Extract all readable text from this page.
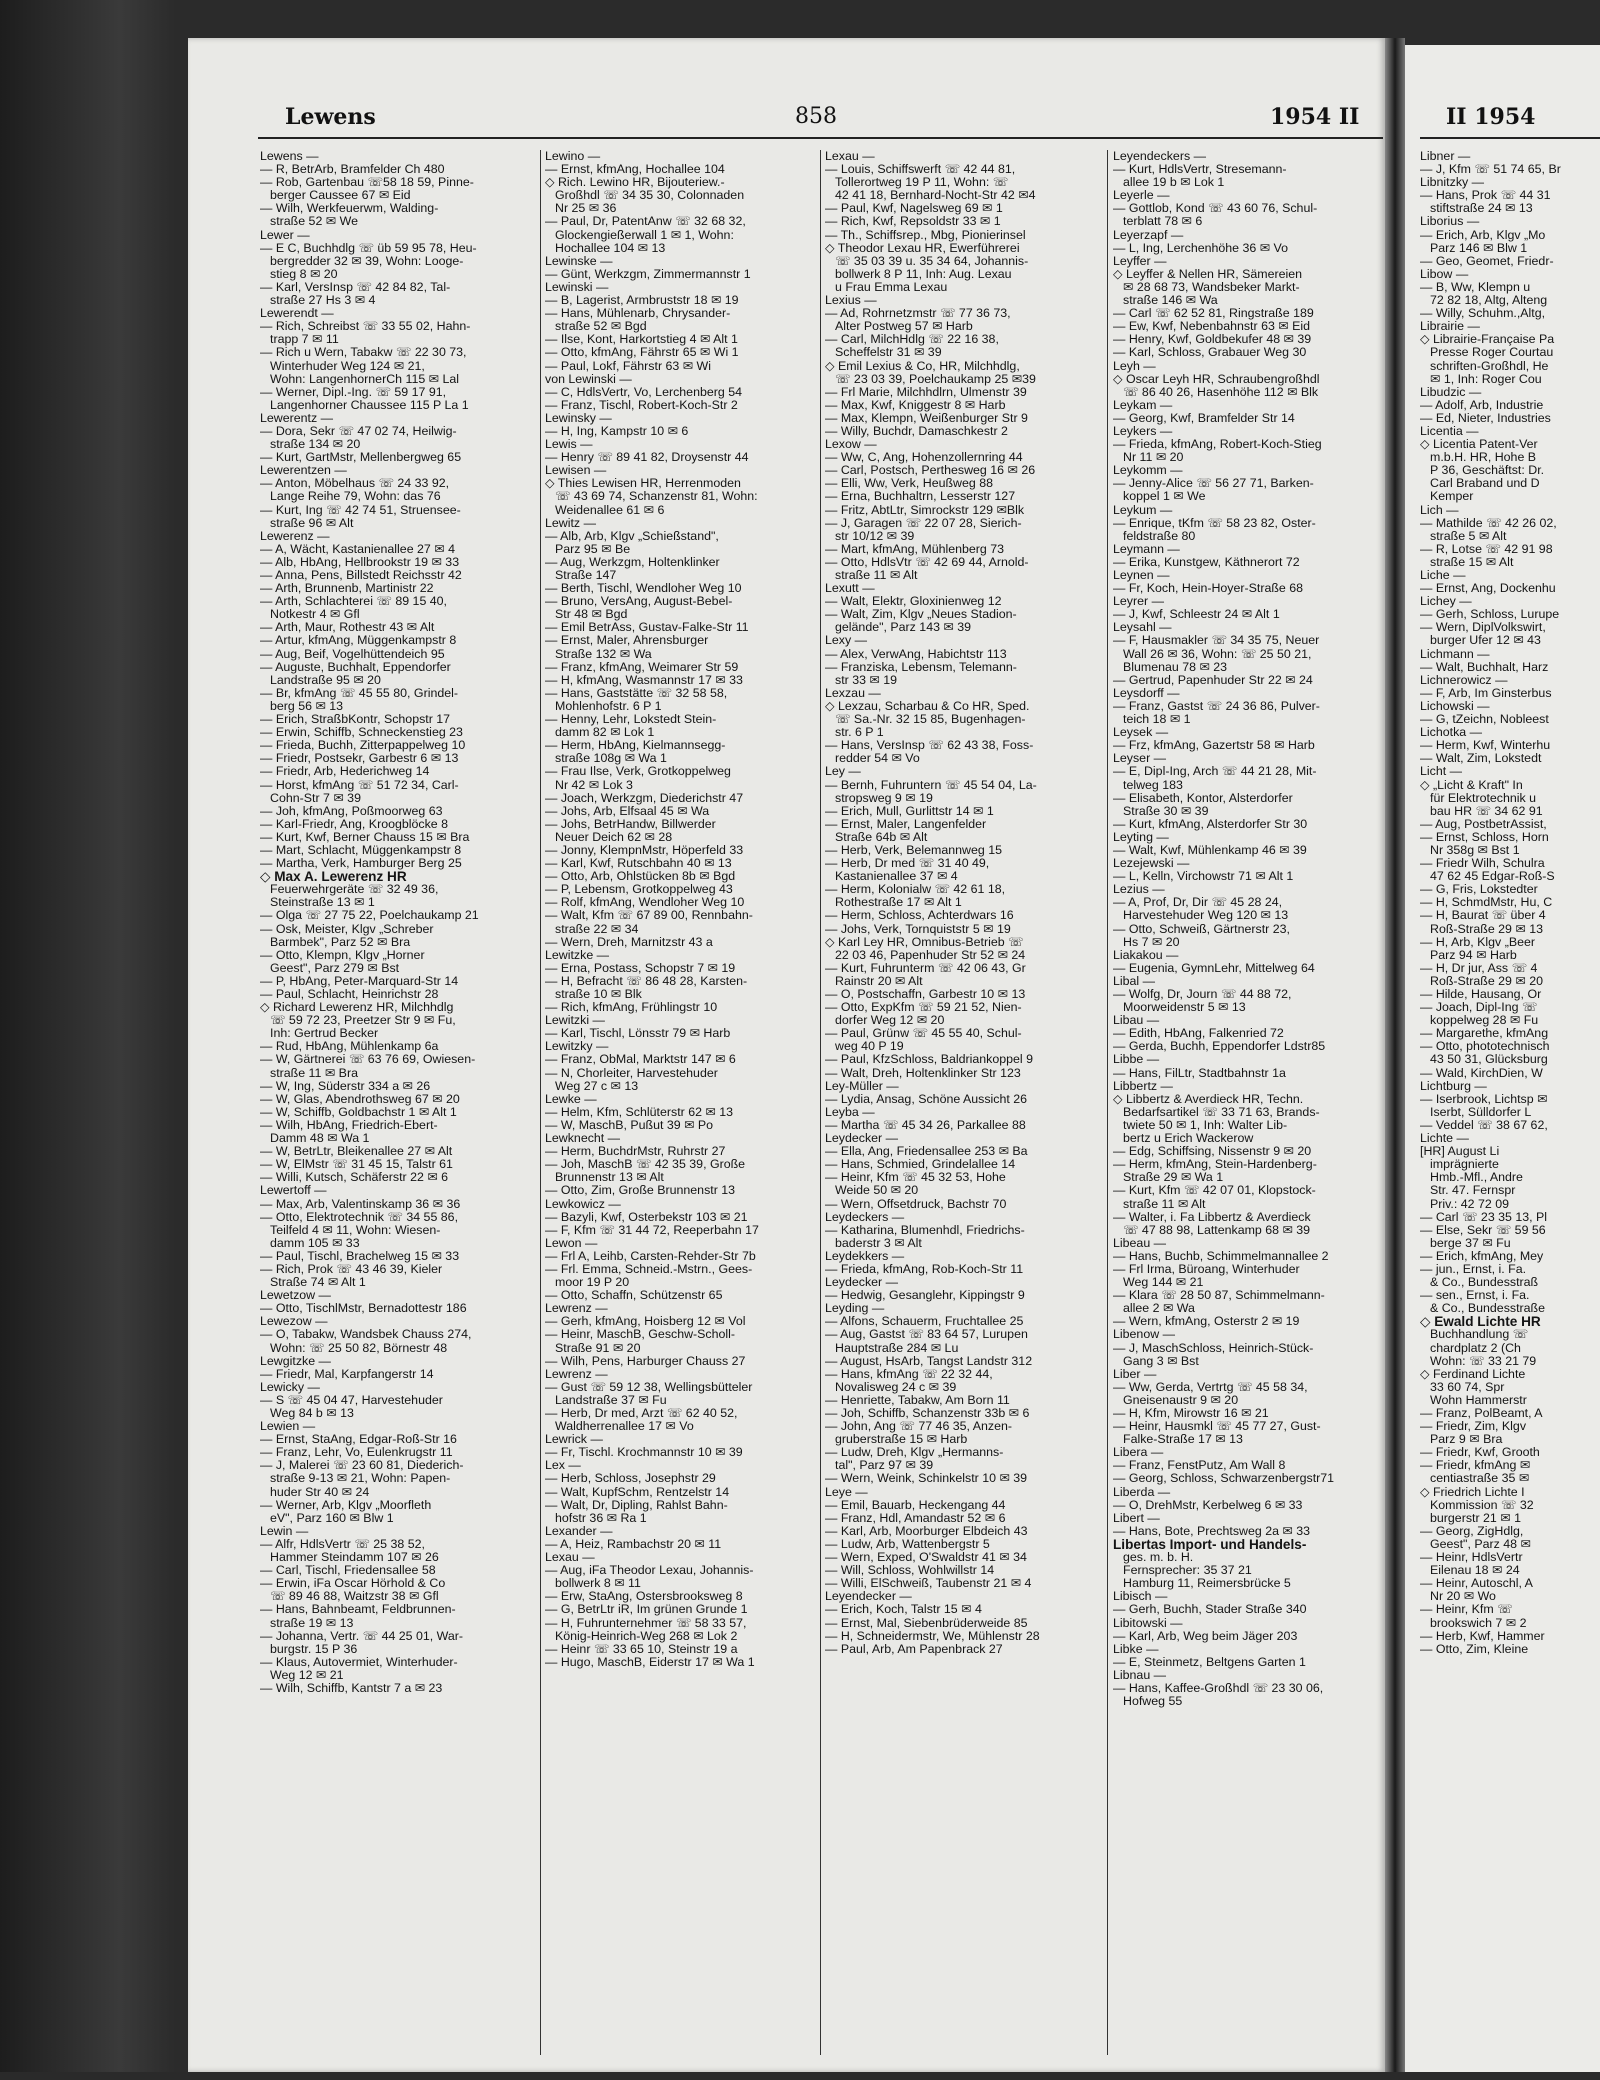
Lewens	858	1954 II	II 1954
Lewens —
— R, BetrArb, Bramfelder Ch 480
— Rob, Gartenbau ☏58 18 59, Pinne-
berger Caussee 67 ✉ Eid
— Wilh, Werkfeuerwm, Walding-
straße 52 ✉ We
Lewer —
— E C, Buchhdlg ☏ üb 59 95 78, Heu-
bergredder 32 ✉ 39, Wohn: Looge-
stieg 8 ✉ 20
— Karl, VersInsp ☏ 42 84 82, Tal-
straße 27 Hs 3 ✉ 4
Lewerendt —
— Rich, Schreibst ☏ 33 55 02, Hahn-
trapp 7 ✉ 11
— Rich u Wern, Tabakw ☏ 22 30 73,
Winterhuder Weg 124 ✉ 21,
Wohn: LangenhornerCh 115 ✉ Lal
— Werner, Dipl.-Ing. ☏ 59 17 91,
Langenhorner Chaussee 115 P La 1
Lewerentz —
— Dora, Sekr ☏ 47 02 74, Heilwig-
straße 134 ✉ 20
— Kurt, GartMstr, Mellenbergweg 65
Lewerentzen —
— Anton, Möbelhaus ☏ 24 33 92,
Lange Reihe 79, Wohn: das 76
— Kurt, Ing ☏ 42 74 51, Struensee-
straße 96 ✉ Alt
Lewerenz —
— A, Wächt, Kastanienallee 27 ✉ 4
— Alb, HbAng, Hellbrookstr 19 ✉ 33
— Anna, Pens, Billstedt Reichsstr 42
— Arth, Brunnenb, Martinistr 22
— Arth, Schlachterei ☏ 89 15 40,
Notkestr 4 ✉ Gfl
— Arth, Maur, Rothestr 43 ✉ Alt
— Artur, kfmAng, Müggenkampstr 8
— Aug, Beif, Vogelhüttendeich 95
— Auguste, Buchhalt, Eppendorfer
Landstraße 95 ✉ 20
— Br, kfmAng ☏ 45 55 80, Grindel-
berg 56 ✉ 13
— Erich, StraßbKontr, Schopstr 17
— Erwin, Schiffb, Schneckenstieg 23
— Frieda, Buchh, Zitterpappelweg 10
— Friedr, Postsekr, Garbestr 6 ✉ 13
— Friedr, Arb, Hederichweg 14
— Horst, kfmAng ☏ 51 72 34, Carl-
Cohn-Str 7 ✉ 39
— Joh, kfmAng, Poßmoorweg 63
— Karl-Friedr, Ang, Kroogblöcke 8
— Kurt, Kwf, Berner Chauss 15 ✉ Bra
— Mart, Schlacht, Müggenkampstr 8
— Martha, Verk, Hamburger Berg 25
◇ Max A. Lewerenz HR
Feuerwehrgeräte ☏ 32 49 36,
Steinstraße 13 ✉ 1
— Olga ☏ 27 75 22, Poelchaukamp 21
— Osk, Meister, Klgv „Schreber
Barmbek", Parz 52 ✉ Bra
— Otto, Klempn, Klgv „Horner
Geest", Parz 279 ✉ Bst
— P, HbAng, Peter-Marquard-Str 14
— Paul, Schlacht, Heinrichstr 28
◇ Richard Lewerenz HR, Milchhdlg
☏ 59 72 23, Preetzer Str 9 ✉ Fu,
Inh: Gertrud Becker
— Rud, HbAng, Mühlenkamp 6a
— W, Gärtnerei ☏ 63 76 69, Owiesen-
straße 11 ✉ Bra
— W, Ing, Süderstr 334 a ✉ 26
— W, Glas, Abendrothsweg 67 ✉ 20
— W, Schiffb, Goldbachstr 1 ✉ Alt 1
— Wilh, HbAng, Friedrich-Ebert-
Damm 48 ✉ Wa 1
— W, BetrLtr, Bleikenallee 27 ✉ Alt
— W, ElMstr ☏ 31 45 15, Talstr 61
— Willi, Kutsch, Schäferstr 22 ✉ 6
Lewertoff —
— Max, Arb, Valentinskamp 36 ✉ 36
— Otto, Elektrotechnik ☏ 34 55 86,
Teilfeld 4 ✉ 11, Wohn: Wiesen-
damm 105 ✉ 33
— Paul, Tischl, Brachelweg 15 ✉ 33
— Rich, Prok ☏ 43 46 39, Kieler
Straße 74 ✉ Alt 1
Lewetzow —
— Otto, TischlMstr, Bernadottestr 186
Lewezow —
— O, Tabakw, Wandsbek Chauss 274,
Wohn: ☏ 25 50 82, Börnestr 48
Lewgitzke —
— Friedr, Mal, Karpfangerstr 14
Lewicky —
— S ☏ 45 04 47, Harvestehuder
Weg 84 b ✉ 13
Lewien —
— Ernst, StaAng, Edgar-Roß-Str 16
— Franz, Lehr, Vo, Eulenkrugstr 11
— J, Malerei ☏ 23 60 81, Diederich-
straße 9-13 ✉ 21, Wohn: Papen-
huder Str 40 ✉ 24
— Werner, Arb, Klgv „Moorfleth
eV", Parz 160 ✉ Blw 1
Lewin —
— Alfr, HdlsVertr ☏ 25 38 52,
Hammer Steindamm 107 ✉ 26
— Carl, Tischl, Friedensallee 58
— Erwin, iFa Oscar Hörhold & Co
☏ 89 46 88, Waitzstr 38 ✉ Gfl
— Hans, Bahnbeamt, Feldbrunnen-
straße 19 ✉ 13
— Johanna, Vertr. ☏ 44 25 01, War-
burgstr. 15 P 36
— Klaus, Autovermiet, Winterhuder-
Weg 12 ✉ 21
— Wilh, Schiffb, Kantstr 7 a ✉ 23
Lewino —
— Ernst, kfmAng, Hochallee 104
◇ Rich. Lewino HR, Bijouteriew.-
Großhdl ☏ 34 35 30, Colonnaden
Nr 25 ✉ 36
— Paul, Dr, PatentAnw ☏ 32 68 32,
Glockengießerwall 1 ✉ 1, Wohn:
Hochallee 104 ✉ 13
Lewinske —
— Günt, Werkzgm, Zimmermannstr 1
Lewinski —
— B, Lagerist, Armbruststr 18 ✉ 19
— Hans, Mühlenarb, Chrysander-
straße 52 ✉ Bgd
— Ilse, Kont, Harkortstieg 4 ✉ Alt 1
— Otto, kfmAng, Fährstr 65 ✉ Wi 1
— Paul, Lokf, Fährstr 63 ✉ Wi
von Lewinski —
— C, HdlsVertr, Vo, Lerchenberg 54
— Franz, Tischl, Robert-Koch-Str 2
Lewinsky —
— H, Ing, Kampstr 10 ✉ 6
Lewis —
— Henry ☏ 89 41 82, Droysenstr 44
Lewisen —
◇ Thies Lewisen HR, Herrenmoden
☏ 43 69 74, Schanzenstr 81, Wohn:
Weidenallee 61 ✉ 6
Lewitz —
— Alb, Arb, Klgv „Schießstand",
Parz 95 ✉ Be
— Aug, Werkzgm, Holtenklinker
Straße 147
— Berth, Tischl, Wendloher Weg 10
— Bruno, VersAng, August-Bebel-
Str 48 ✉ Bgd
— Emil BetrAss, Gustav-Falke-Str 11
— Ernst, Maler, Ahrensburger
Straße 132 ✉ Wa
— Franz, kfmAng, Weimarer Str 59
— H, kfmAng, Wasmannstr 17 ✉ 33
— Hans, Gaststätte ☏ 32 58 58,
Mohlenhofstr. 6 P 1
— Henny, Lehr, Lokstedt Stein-
damm 82 ✉ Lok 1
— Herm, HbAng, Kielmannsegg-
straße 108g ✉ Wa 1
— Frau Ilse, Verk, Grotkoppelweg
Nr 42 ✉ Lok 3
— Joach, Werkzgm, Diederichstr 47
— Johs, Arb, Elfsaal 45 ✉ Wa
— Johs, BetrHandw, Billwerder
Neuer Deich 62 ✉ 28
— Jonny, KlempnMstr, Höperfeld 33
— Karl, Kwf, Rutschbahn 40 ✉ 13
— Otto, Arb, Ohlstücken 8b ✉ Bgd
— P, Lebensm, Grotkoppelweg 43
— Rolf, kfmAng, Wendloher Weg 10
— Walt, Kfm ☏ 67 89 00, Rennbahn-
straße 22 ✉ 34
— Wern, Dreh, Marnitzstr 43 a
Lewitzke —
— Erna, Postass, Schopstr 7 ✉ 19
— H, Befracht ☏ 86 48 28, Karsten-
straße 10 ✉ Blk
— Rich, kfmAng, Frühlingstr 10
Lewitzki —
— Karl, Tischl, Lönsstr 79 ✉ Harb
Lewitzky —
— Franz, ObMal, Marktstr 147 ✉ 6
— N, Chorleiter, Harvestehuder
Weg 27 c ✉ 13
Lewke —
— Helm, Kfm, Schlüterstr 62 ✉ 13
— W, MaschB, Pußut 39 ✉ Po
Lewknecht —
— Herm, BuchdrMstr, Ruhrstr 27
— Joh, MaschB ☏ 42 35 39, Große
Brunnenstr 13 ✉ Alt
— Otto, Zim, Große Brunnenstr 13
Lewkowicz —
— Bazyli, Kwf, Osterbekstr 103 ✉ 21
— F, Kfm ☏ 31 44 72, Reeperbahn 17
Lewon —
— Frl A, Leihb, Carsten-Rehder-Str 7b
— Frl. Emma, Schneid.-Mstrn., Gees-
moor 19 P 20
— Otto, Schaffn, Schützenstr 65
Lewrenz —
— Gerh, kfmAng, Hoisberg 12 ✉ Vol
— Heinr, MaschB, Geschw-Scholl-
Straße 91 ✉ 20
— Wilh, Pens, Harburger Chauss 27
Lewrenz —
— Gust ☏ 59 12 38, Wellingsbütteler
Landstraße 37 ✉ Fu
— Herb, Dr med, Arzt ☏ 62 40 52,
Waldherrenallee 17 ✉ Vo
Lewrick —
— Fr, Tischl. Krochmannstr 10 ✉ 39
Lex —
— Herb, Schloss, Josephstr 29
— Walt, KupfSchm, Rentzelstr 14
— Walt, Dr, Dipling, Rahlst Bahn-
hofstr 36 ✉ Ra 1
Lexander —
— A, Heiz, Rambachstr 20 ✉ 11
Lexau —
— Aug, iFa Theodor Lexau, Johannis-
bollwerk 8 ✉ 11
— Erw, StaAng, Ostersbrooksweg 8
— G, BetrLtr iR, Im grünen Grunde 1
— H, Fuhrunternehmer ☏ 58 33 57,
König-Heinrich-Weg 268 ✉ Lok 2
— Heinr ☏ 33 65 10, Steinstr 19 a
— Hugo, MaschB, Eiderstr 17 ✉ Wa 1
Lexau —
— Louis, Schiffswerft ☏ 42 44 81,
Tollerortweg 19 P 11, Wohn: ☏
42 41 18, Bernhard-Nocht-Str 42 ✉4
— Paul, Kwf, Nagelsweg 69 ✉ 1
— Rich, Kwf, Repsoldstr 33 ✉ 1
— Th., Schiffsrep., Mbg, Pionierinsel
◇ Theodor Lexau HR, Ewerführerei
☏ 35 03 39 u. 35 34 64, Johannis-
bollwerk 8 P 11, Inh: Aug. Lexau
u Frau Emma Lexau
Lexius —
— Ad, Rohrnetzmstr ☏ 77 36 73,
Alter Postweg 57 ✉ Harb
— Carl, MilchHdlg ☏ 22 16 38,
Scheffelstr 31 ✉ 39
◇ Emil Lexius & Co, HR, Milchhdlg,
☏ 23 03 39, Poelchaukamp 25 ✉39
— Frl Marie, Milchhdlrn, Ulmenstr 39
— Max, Kwf, Kniggestr 8 ✉ Harb
— Max, Klempn, Weißenburger Str 9
— Willy, Buchdr, Damaschkestr 2
Lexow —
— Ww, C, Ang, Hohenzollernring 44
— Carl, Postsch, Perthesweg 16 ✉ 26
— Elli, Ww, Verk, Heußweg 88
— Erna, Buchhaltrn, Lesserstr 127
— Fritz, AbtLtr, Simrockstr 129 ✉Blk
— J, Garagen ☏ 22 07 28, Sierich-
str 10/12 ✉ 39
— Mart, kfmAng, Mühlenberg 73
— Otto, HdlsVtr ☏ 42 69 44, Arnold-
straße 11 ✉ Alt
Lexutt —
— Walt, Elektr, Gloxinienweg 12
— Walt, Zim, Klgv „Neues Stadion-
gelände", Parz 143 ✉ 39
Lexy —
— Alex, VerwAng, Habichtstr 113
— Franziska, Lebensm, Telemann-
str 33 ✉ 19
Lexzau —
◇ Lexzau, Scharbau & Co HR, Sped.
☏ Sa.-Nr. 32 15 85, Bugenhagen-
str. 6 P 1
— Hans, VersInsp ☏ 62 43 38, Foss-
redder 54 ✉ Vo
Ley —
— Bernh, Fuhruntern ☏ 45 54 04, La-
stropsweg 9 ✉ 19
— Erich, Mull, Gurlittstr 14 ✉ 1
— Ernst, Maler, Langenfelder
Straße 64b ✉ Alt
— Herb, Verk, Belemannweg 15
— Herb, Dr med ☏ 31 40 49,
Kastanienallee 37 ✉ 4
— Herm, Kolonialw ☏ 42 61 18,
Rothestraße 17 ✉ Alt 1
— Herm, Schloss, Achterdwars 16
— Johs, Verk, Tornquiststr 5 ✉ 19
◇ Karl Ley HR, Omnibus-Betrieb ☏
22 03 46, Papenhuder Str 52 ✉ 24
— Kurt, Fuhrunterm ☏ 42 06 43, Gr
Rainstr 20 ✉ Alt
— O, Postschaffn, Garbestr 10 ✉ 13
— Otto, ExpKfm ☏ 59 21 52, Nien-
dorfer Weg 12 ✉ 20
— Paul, Grünw ☏ 45 55 40, Schul-
weg 40 P 19
— Paul, KfzSchloss, Baldriankoppel 9
— Walt, Dreh, Holtenklinker Str 123
Ley-Müller —
— Lydia, Ansag, Schöne Aussicht 26
Leyba —
— Martha ☏ 45 34 26, Parkallee 88
Leydecker —
— Ella, Ang, Friedensallee 253 ✉ Ba
— Hans, Schmied, Grindelallee 14
— Heinr, Kfm ☏ 45 32 53, Hohe
Weide 50 ✉ 20
— Wern, Offsetdruck, Bachstr 70
Leydeckers —
— Katharina, Blumenhdl, Friedrichs-
baderstr 3 ✉ Alt
Leydekkers —
— Frieda, kfmAng, Rob-Koch-Str 11
Leydecker —
— Hedwig, Gesanglehr, Kippingstr 9
Leyding —
— Alfons, Schauerm, Fruchtallee 25
— Aug, Gastst ☏ 83 64 57, Lurupen
Hauptstraße 284 ✉ Lu
— August, HsArb, Tangst Landstr 312
— Hans, kfmAng ☏ 22 32 44,
Novalisweg 24 c ✉ 39
— Henriette, Tabakw, Am Born 11
— Joh, Schiffb, Schanzenstr 33b ✉ 6
— John, Ang ☏ 77 46 35, Anzen-
gruberstraße 15 ✉ Harb
— Ludw, Dreh, Klgv „Hermanns-
tal", Parz 97 ✉ 39
— Wern, Weink, Schinkelstr 10 ✉ 39
Leye —
— Emil, Bauarb, Heckengang 44
— Franz, Hdl, Amandastr 52 ✉ 6
— Karl, Arb, Moorburger Elbdeich 43
— Ludw, Arb, Wattenbergstr 5
— Wern, Exped, O'Swaldstr 41 ✉ 34
— Will, Schloss, Wohlwillstr 14
— Willi, ElSchweiß, Taubenstr 21 ✉ 4
Leyendecker —
— Erich, Koch, Talstr 15 ✉ 4
— Ernst, Mal, Siebenbrüderweide 85
— H, Schneidermstr, We, Mühlenstr 28
— Paul, Arb, Am Papenbrack 27
Leyendeckers —
— Kurt, HdlsVertr, Stresemann-
allee 19 b ✉ Lok 1
Leyerle —
— Gottlob, Kond ☏ 43 60 76, Schul-
terblatt 78 ✉ 6
Leyerzapf —
— L, Ing, Lerchenhöhe 36 ✉ Vo
Leyffer —
◇ Leyffer & Nellen HR, Sämereien
✉ 28 68 73, Wandsbeker Markt-
straße 146 ✉ Wa
— Carl ☏ 62 52 81, Ringstraße 189
— Ew, Kwf, Nebenbahnstr 63 ✉ Eid
— Henry, Kwf, Goldbekufer 48 ✉ 39
— Karl, Schloss, Grabauer Weg 30
Leyh —
◇ Oscar Leyh HR, Schraubengroßhdl
☏ 86 40 26, Hasenhöhe 112 ✉ Blk
Leykam —
— Georg, Kwf, Bramfelder Str 14
Leykers —
— Frieda, kfmAng, Robert-Koch-Stieg
Nr 11 ✉ 20
Leykomm —
— Jenny-Alice ☏ 56 27 71, Barken-
koppel 1 ✉ We
Leykum —
— Enrique, tKfm ☏ 58 23 82, Oster-
feldstraße 80
Leymann —
— Erika, Kunstgew, Käthnerort 72
Leynen —
— Fr, Koch, Hein-Hoyer-Straße 68
Leyrer —
— J, Kwf, Schleestr 24 ✉ Alt 1
Leysahl —
— F, Hausmakler ☏ 34 35 75, Neuer
Wall 26 ✉ 36, Wohn: ☏ 25 50 21,
Blumenau 78 ✉ 23
— Gertrud, Papenhuder Str 22 ✉ 24
Leysdorff —
— Franz, Gastst ☏ 24 36 86, Pulver-
teich 18 ✉ 1
Leysek —
— Frz, kfmAng, Gazertstr 58 ✉ Harb
Leyser —
— E, Dipl-Ing, Arch ☏ 44 21 28, Mit-
telweg 183
— Elisabeth, Kontor, Alsterdorfer
Straße 30 ✉ 39
— Kurt, kfmAng, Alsterdorfer Str 30
Leyting —
— Walt, Kwf, Mühlenkamp 46 ✉ 39
Lezejewski —
— L, Kelln, Virchowstr 71 ✉ Alt 1
Lezius —
— A, Prof, Dr, Dir ☏ 45 28 24,
Harvestehuder Weg 120 ✉ 13
— Otto, Schweiß, Gärtnerstr 23,
Hs 7 ✉ 20
Liakakou —
— Eugenia, GymnLehr, Mittelweg 64
Libal —
— Wolfg, Dr, Journ ☏ 44 88 72,
Moorweidenstr 5 ✉ 13
Libau —
— Edith, HbAng, Falkenried 72
— Gerda, Buchh, Eppendorfer Ldstr85
Libbe —
— Hans, FilLtr, Stadtbahnstr 1a
Libbertz —
◇ Libbertz & Averdieck HR, Techn.
Bedarfsartikel ☏ 33 71 63, Brands-
twiete 50 ✉ 1, Inh: Walter Lib-
bertz u Erich Wackerow
— Edg, Schiffsing, Nissenstr 9 ✉ 20
— Herm, kfmAng, Stein-Hardenberg-
Straße 29 ✉ Wa 1
— Kurt, Kfm ☏ 42 07 01, Klopstock-
straße 11 ✉ Alt
— Walter, i. Fa Libbertz & Averdieck
☏ 47 88 98, Lattenkamp 68 ✉ 39
Libeau —
— Hans, Buchb, Schimmelmannallee 2
— Frl Irma, Büroang, Winterhuder
Weg 144 ✉ 21
— Klara ☏ 28 50 87, Schimmelmann-
allee 2 ✉ Wa
— Wern, kfmAng, Osterstr 2 ✉ 19
Libenow —
— J, MaschSchloss, Heinrich-Stück-
Gang 3 ✉ Bst
Liber —
— Ww, Gerda, Vertrtg ☏ 45 58 34,
Gneisenaustr 9 ✉ 20
— H, Kfm, Mirowstr 16 ✉ 21
— Heinr, Hausmkl ☏ 45 77 27, Gust-
Falke-Straße 17 ✉ 13
Libera —
— Franz, FenstPutz, Am Wall 8
— Georg, Schloss, Schwarzenbergstr71
Liberda —
— O, DrehMstr, Kerbelweg 6 ✉ 33
Libert —
— Hans, Bote, Prechtsweg 2a ✉ 33
Libertas Import- und Handels-
ges. m. b. H.
Fernsprecher: 35 37 21
Hamburg 11, Reimersbrücke 5
Libisch —
— Gerh, Buchh, Stader Straße 340
Libitowski —
— Karl, Arb, Weg beim Jäger 203
Libke —
— E, Steinmetz, Beltgens Garten 1
Libnau —
— Hans, Kaffee-Großhdl ☏ 23 30 06,
Hofweg 55
Libner —
— J, Kfm ☏ 51 74 65, Br
Libnitzky —
— Hans, Prok ☏ 44 31
stiftstraße 24 ✉ 13
Liborius —
— Erich, Arb, Klgv „Mo
Parz 146 ✉ Blw 1
— Geo, Geomet, Friedr-
Libow —
— B, Ww, Klempn u
72 82 18, Altg, Alteng
— Willy, Schuhm.,Altg,
Librairie —
◇ Librairie-Française Pa
Presse Roger Courtau
schriften-Großhdl, He
✉ 1, Inh: Roger Cou
Libudzic —
— Adolf, Arb, Industrie
— Ed, Nieter, Industries
Licentia —
◇ Licentia Patent-Ver
m.b.H. HR, Hohe B
P 36, Geschäftst: Dr.
Carl Braband und D
Kemper
Lich —
— Mathilde ☏ 42 26 02,
straße 5 ✉ Alt
— R, Lotse ☏ 42 91 98
straße 15 ✉ Alt
Liche —
— Ernst, Ang, Dockenhu
Lichey —
— Gerh, Schloss, Lurupe
— Wern, DiplVolkswirt,
burger Ufer 12 ✉ 43
Lichmann —
— Walt, Buchhalt, Harz
Lichnerowicz —
— F, Arb, Im Ginsterbus
Lichowski —
— G, tZeichn, Nobleest
Lichotka —
— Herm, Kwf, Winterhu
— Walt, Zim, Lokstedt
Licht —
◇ „Licht & Kraft" In
für Elektrotechnik u
bau HR ☏ 34 62 91
— Aug, PostbetrAssist,
— Ernst, Schloss, Horn
Nr 358g ✉ Bst 1
— Friedr Wilh, Schulra
47 62 45 Edgar-Roß-S
— G, Fris, Lokstedter
— H, SchmdMstr, Hu, C
— H, Baurat ☏ über 4
Roß-Straße 29 ✉ 13
— H, Arb, Klgv „Beer
Parz 94 ✉ Harb
— H, Dr jur, Ass ☏ 4
Roß-Straße 29 ✉ 20
— Hilde, Hausang, Or
— Joach, Dipl-Ing ☏
koppelweg 28 ✉ Fu
— Margarethe, kfmAng
— Otto, phototechnisch
43 50 31, Glücksburg
— Wald, KirchDien, W
Lichtburg —
— Iserbrook, Lichtsp ✉
Iserbt, Sülldorfer L
— Veddel ☏ 38 67 62,
Lichte —
[HR] August Li
imprägnierte
Hmb.-Mfl., Andre
Str. 47. Fernspr
Priv.: 42 72 09
— Carl ☏ 23 35 13, Pl
— Else, Sekr ☏ 59 56
berge 37 ✉ Fu
— Erich, kfmAng, Mey
— jun., Ernst, i. Fa.
& Co., Bundesstraß
— sen., Ernst, i. Fa.
& Co., Bundesstraße
◇ Ewald Lichte HR
Buchhandlung ☏
chardplatz 2 (Ch
Wohn: ☏ 33 21 79
◇ Ferdinand Lichte
33 60 74, Spr
Wohn Hammerstr
— Franz, PolBeamt, A
— Friedr, Zim, Klgv
Parz 9 ✉ Bra
— Friedr, Kwf, Grooth
— Friedr, kfmAng ✉
centiastraße 35 ✉
◇ Friedrich Lichte I
Kommission ☏ 32
burgerstr 21 ✉ 1
— Georg, ZigHdlg,
Geest", Parz 48 ✉
— Heinr, HdlsVertr
Eilenau 18 ✉ 24
— Heinr, Autoschl, A
Nr 20 ✉ Wo
— Heinr, Kfm ☏
brookswich 7 ✉ 2
— Herb, Kwf, Hammer
— Otto, Zim, Kleine
